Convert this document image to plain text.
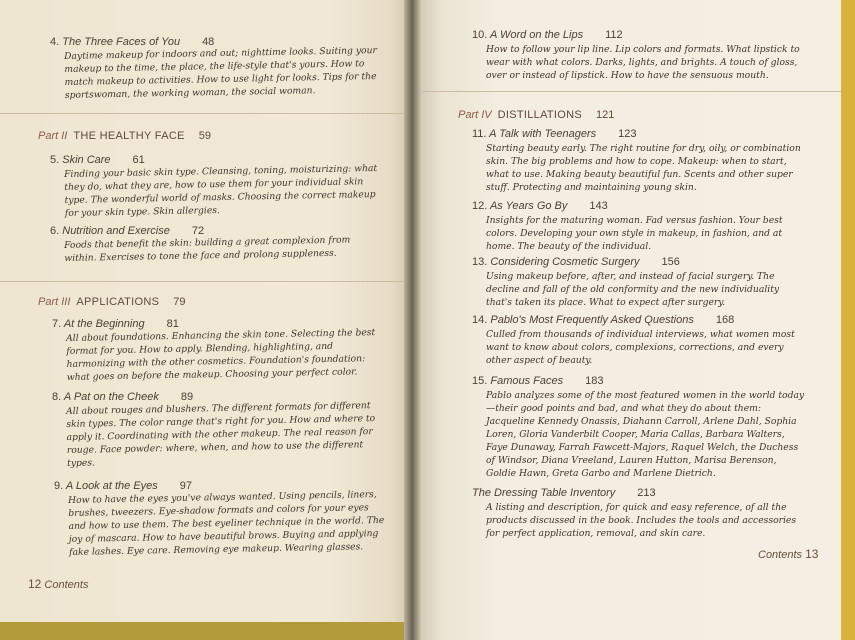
4. The Three Faces of You 48

Daytime makeup for indoors and out; nighttime looks. Suiting your makeup to the time, the place, the life-style that's yours. How to match makeup to activities. How to use light for looks. Tips for the sportswoman, the working woman, the social woman.

Part II THE HEALTHY FACE 59
5. Skin Care 61

Finding your basic skin type. Cleansing, toning, moisturizing: what they do, what they are, how to use them for your individual skin type. The wonderful world of masks. Choosing the correct makeup for your skin type. Skin allergies.

6. Nutrition and Exercise 72

Foods that benefit the skin: building a great complexion from within. Exercises to tone the face and prolong suppleness.

Part III APPLICATIONS 79
7. At the Beginning 81

All about foundations. Enhancing the skin tone. Selecting the best format for you. How to apply. Blending, highlighting, and harmonizing with the other cosmetics. Foundation's foundation: what goes on before the makeup. Choosing your perfect color.

8. A Pat on the Cheek 89

All about rouges and blushers. The different formats for different skin types. The color range that's right for you. How and where to apply it. Coordinating with the other makeup. The real reason for rouge. Face powder: where, when, and how to use the different types.

9. A Look at the Eyes 97

How to have the eyes you've always wanted. Using pencils, liners, brushes, tweezers. Eye-shadow formats and colors for your eyes and how to use them. The best eyeliner technique in the world. The joy of mascara. How to have beautiful brows. Buying and applying fake lashes. Eye care. Removing eye makeup. Wearing glasses.

12 Contents
10. A Word on the Lips 112

How to follow your lip line. Lip colors and formats. What lipstick to wear with what colors. Darks, lights, and brights. A touch of gloss, over or instead of lipstick. How to have the sensuous mouth.

Part IV DISTILLATIONS 121
11. A Talk with Teenagers 123

Starting beauty early. The right routine for dry, oily, or combination skin. The big problems and how to cope. Makeup: when to start, what to use. Making beauty beautiful fun. Scents and other super stuff. Protecting and maintaining young skin.

12. As Years Go By 143

Insights for the maturing woman. Fad versus fashion. Your best colors. Developing your own style in makeup, in fashion, and at home. The beauty of the individual.

13. Considering Cosmetic Surgery 156

Using makeup before, after, and instead of facial surgery. The decline and fall of the old conformity and the new individuality that's taken its place. What to expect after surgery.

14. Pablo's Most Frequently Asked Questions 168

Culled from thousands of individual interviews, what women most want to know about colors, complexions, corrections, and every other aspect of beauty.

15. Famous Faces 183

Pablo analyzes some of the most featured women in the world today—their good points and bad, and what they do about them: Jacqueline Kennedy Onassis, Diahann Carroll, Arlene Dahl, Sophia Loren, Gloria Vanderbilt Cooper, Maria Callas, Barbara Walters, Faye Dunaway, Farrah Fawcett-Majors, Raquel Welch, the Duchess of Windsor, Diana Vreeland, Lauren Hutton, Marisa Berenson, Goldie Hawn, Greta Garbo and Marlene Dietrich.

The Dressing Table Inventory 213

A listing and description, for quick and easy reference, of all the products discussed in the book. Includes the tools and accessories for perfect application, removal, and skin care.

Contents 13
